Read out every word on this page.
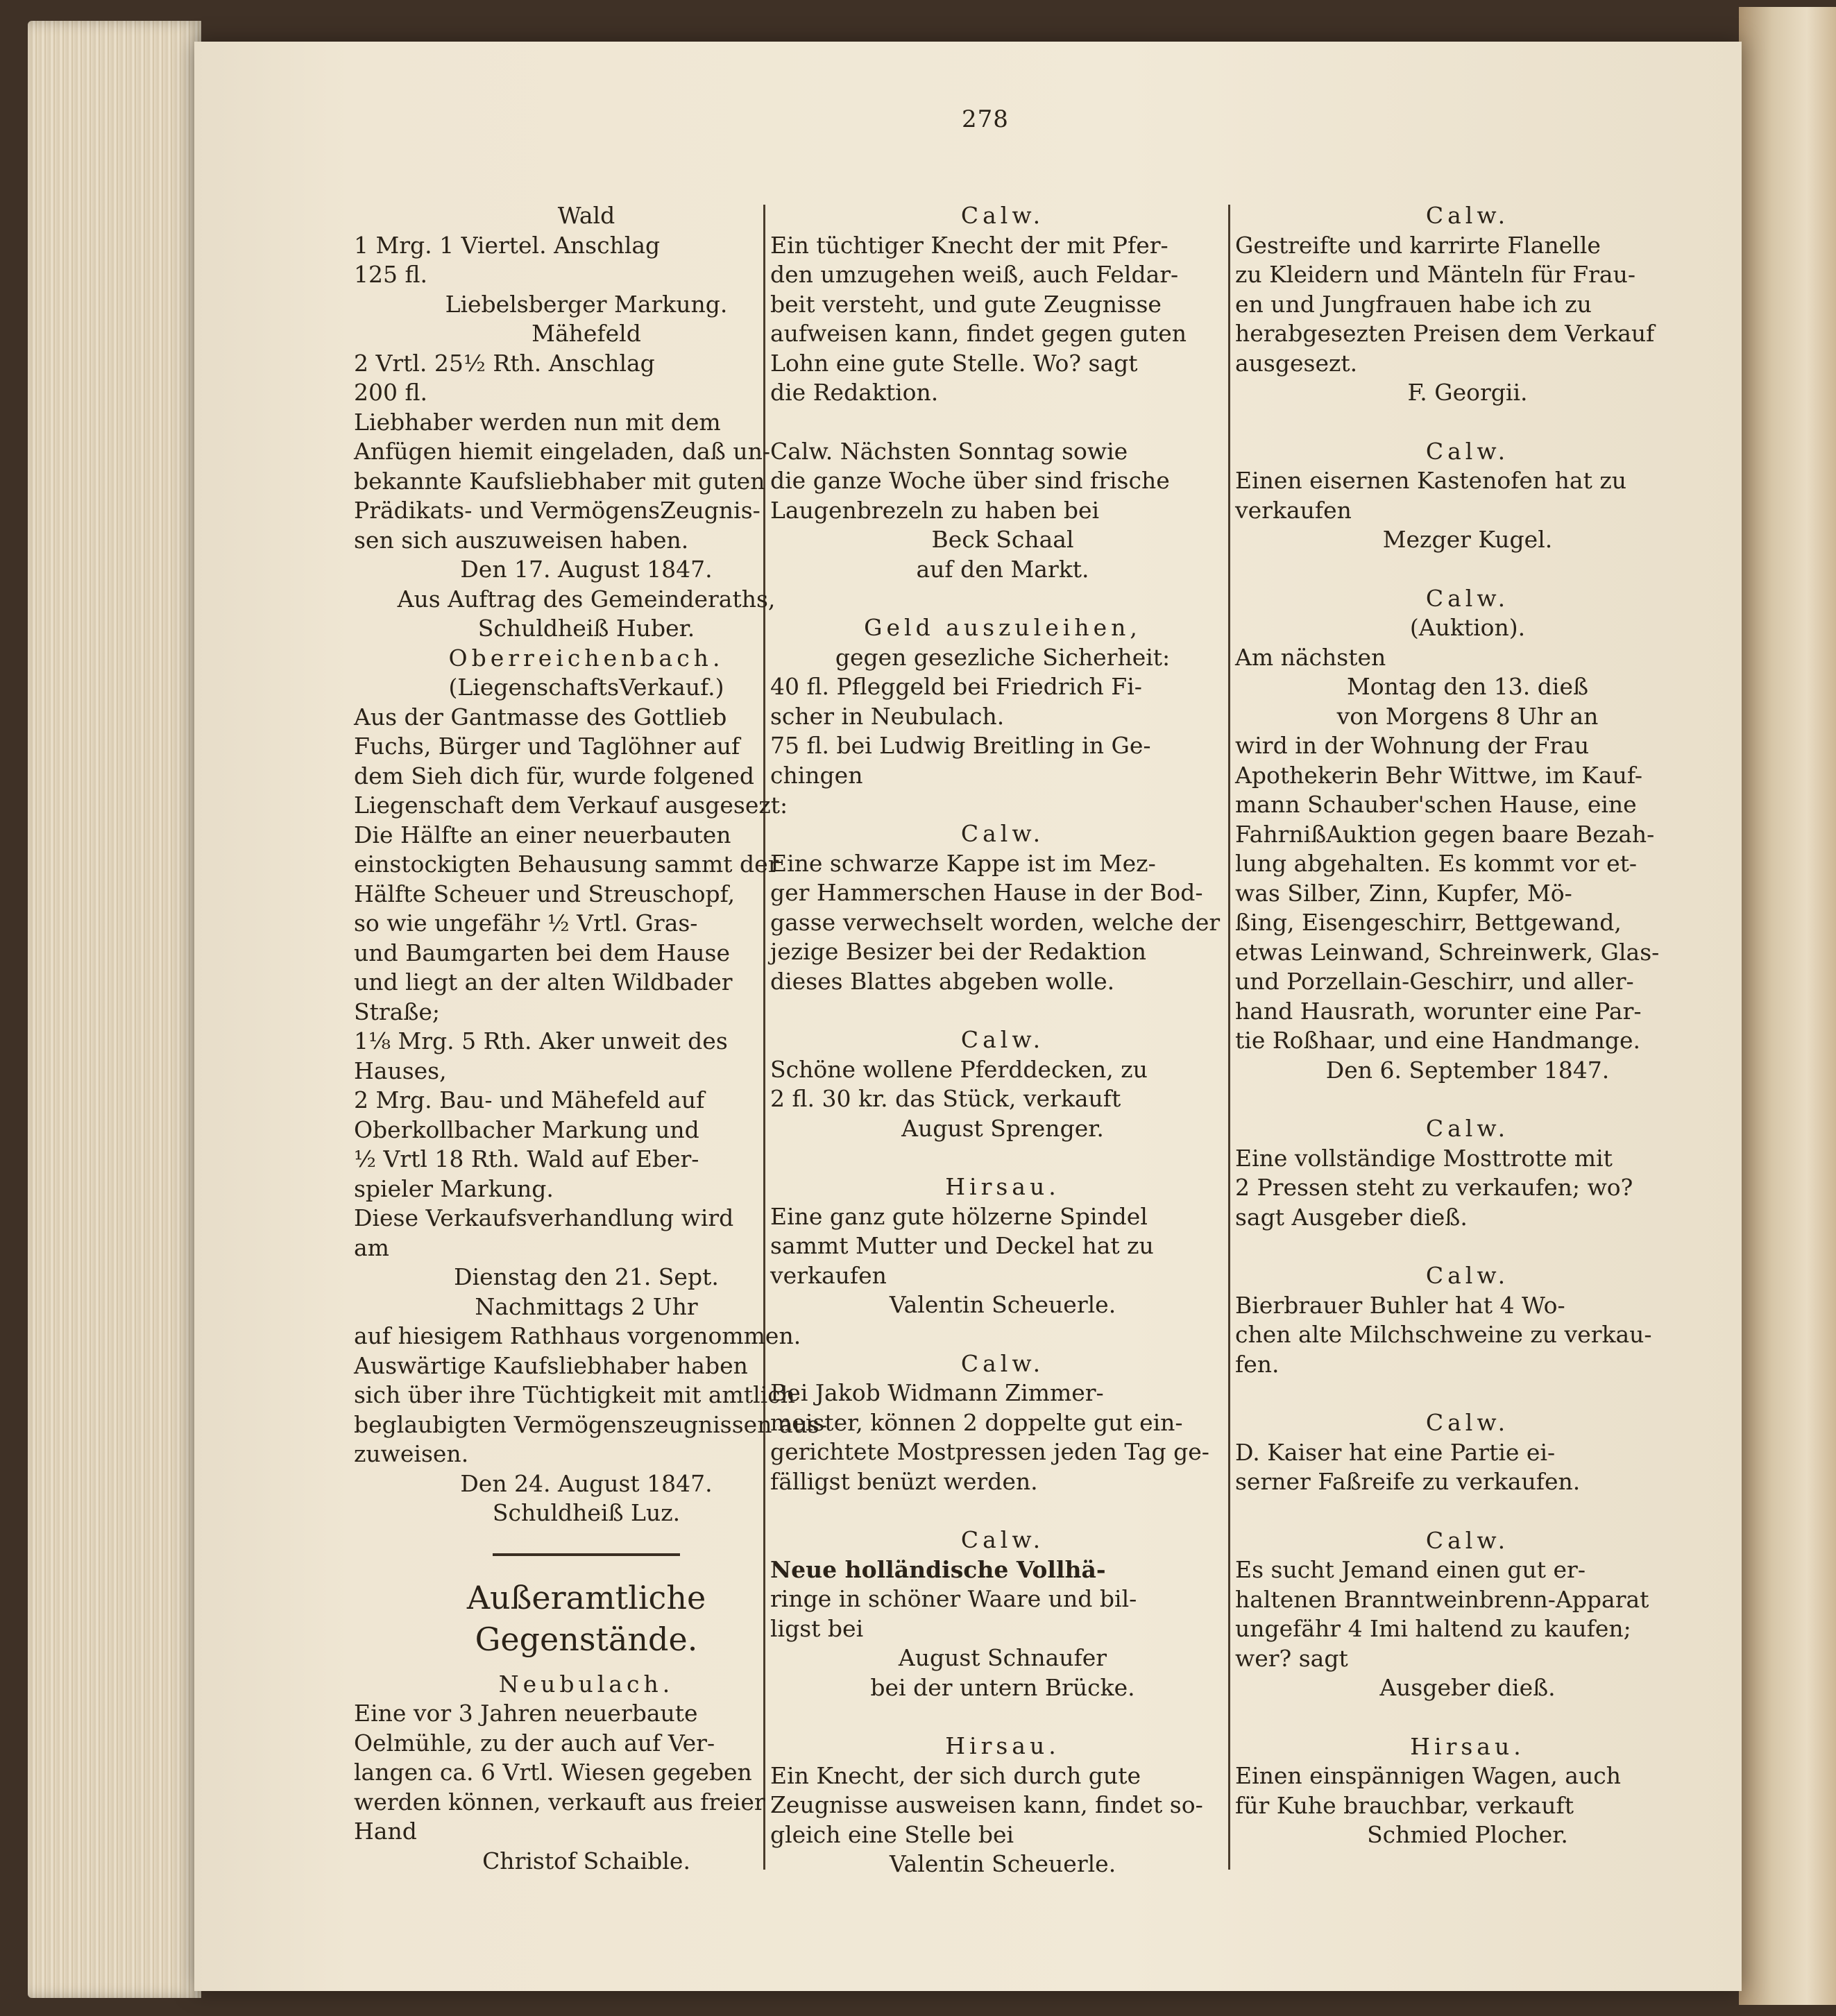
278
Wald
1 Mrg. 1 Viertel. Anschlag
125 fl.
Liebelsberger Markung.
Mähefeld
2 Vrtl. 25½ Rth. Anschlag
200 fl.
Liebhaber werden nun mit dem
Anfügen hiemit eingeladen, daß un-
bekannte Kaufsliebhaber mit guten
Prädikats- und VermögensZeugnis-
sen sich auszuweisen haben.
Den 17. August 1847.
Aus Auftrag des Gemeinderaths,
Schuldheiß Huber.
Oberreichenbach.
(LiegenschaftsVerkauf.)
Aus der Gantmasse des Gottlieb
Fuchs, Bürger und Taglöhner auf
dem Sieh dich für, wurde folgened
Liegenschaft dem Verkauf ausgesezt:
Die Hälfte an einer neuerbauten
einstockigten Behausung sammt der
Hälfte Scheuer und Streuschopf,
so wie ungefähr ½ Vrtl. Gras-
und Baumgarten bei dem Hause
und liegt an der alten Wildbader
Straße;
1⅛ Mrg. 5 Rth. Aker unweit des
Hauses,
2 Mrg. Bau- und Mähefeld auf
Oberkollbacher Markung und
½ Vrtl 18 Rth. Wald auf Eber-
spieler Markung.
Diese Verkaufsverhandlung wird
am
Dienstag den 21. Sept.
Nachmittags 2 Uhr
auf hiesigem Rathhaus vorgenommen.
Auswärtige Kaufsliebhaber haben
sich über ihre Tüchtigkeit mit amtlich
beglaubigten Vermögenszeugnissen aus-
zuweisen.
Den 24. August 1847.
Schuldheiß Luz.
Außeramtliche Gegenstände.
Neubulach.
Eine vor 3 Jahren neuerbaute
Oelmühle, zu der auch auf Ver-
langen ca. 6 Vrtl. Wiesen gegeben
werden können, verkauft aus freier
Hand
Christof Schaible.
Calw.
Ein tüchtiger Knecht der mit Pfer-
den umzugehen weiß, auch Feldar-
beit versteht, und gute Zeugnisse
aufweisen kann, findet gegen guten
Lohn eine gute Stelle. Wo? sagt
die Redaktion.
Calw. Nächsten Sonntag sowie
die ganze Woche über sind frische
Laugenbrezeln zu haben bei
Beck Schaal
auf den Markt.
Geld auszuleihen,
gegen gesezliche Sicherheit:
40 fl. Pfleggeld bei Friedrich Fi-
scher in Neubulach.
75 fl. bei Ludwig Breitling in Ge-
chingen
Calw.
Eine schwarze Kappe ist im Mez-
ger Hammerschen Hause in der Bod-
gasse verwechselt worden, welche der
jezige Besizer bei der Redaktion
dieses Blattes abgeben wolle.
Calw.
Schöne wollene Pferddecken, zu
2 fl. 30 kr. das Stück, verkauft
August Sprenger.
Hirsau.
Eine ganz gute hölzerne Spindel
sammt Mutter und Deckel hat zu
verkaufen
Valentin Scheuerle.
Calw.
Bei Jakob Widmann Zimmer-
meister, können 2 doppelte gut ein-
gerichtete Mostpressen jeden Tag ge-
fälligst benüzt werden.
Calw.
Neue holländische Vollhä-
ringe in schöner Waare und bil-
ligst bei
August Schnaufer
bei der untern Brücke.
Hirsau.
Ein Knecht, der sich durch gute
Zeugnisse ausweisen kann, findet so-
gleich eine Stelle bei
Valentin Scheuerle.
Calw.
Gestreifte und karrirte Flanelle
zu Kleidern und Mänteln für Frau-
en und Jungfrauen habe ich zu
herabgesezten Preisen dem Verkauf
ausgesezt.
F. Georgii.
Calw.
Einen eisernen Kastenofen hat zu
verkaufen
Mezger Kugel.
Calw.
(Auktion).
Am nächsten
Montag den 13. dieß
von Morgens 8 Uhr an
wird in der Wohnung der Frau
Apothekerin Behr Wittwe, im Kauf-
mann Schauber'schen Hause, eine
FahrnißAuktion gegen baare Bezah-
lung abgehalten. Es kommt vor et-
was Silber, Zinn, Kupfer, Mö-
ßing, Eisengeschirr, Bettgewand,
etwas Leinwand, Schreinwerk, Glas-
und Porzellain-Geschirr, und aller-
hand Hausrath, worunter eine Par-
tie Roßhaar, und eine Handmange.
Den 6. September 1847.
Calw.
Eine vollständige Mosttrotte mit
2 Pressen steht zu verkaufen; wo?
sagt Ausgeber dieß.
Calw.
Bierbrauer Buhler hat 4 Wo-
chen alte Milchschweine zu verkau-
fen.
Calw.
D. Kaiser hat eine Partie ei-
serner Faßreife zu verkaufen.
Calw.
Es sucht Jemand einen gut er-
haltenen Branntweinbrenn-Apparat
ungefähr 4 Imi haltend zu kaufen;
wer? sagt
Ausgeber dieß.
Hirsau.
Einen einspännigen Wagen, auch
für Kuhe brauchbar, verkauft
Schmied Plocher.
